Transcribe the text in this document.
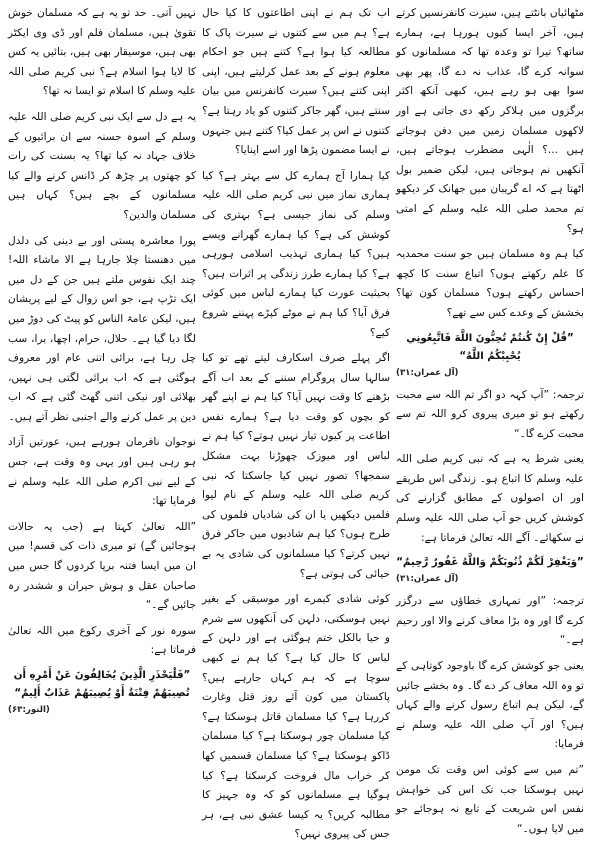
مٹھائیاں بانٹتے ہیں، سیرت کانفرنسیں کرتے ہیں، آخر ایسا کیوں ہورہا ہے، ہمارے ساتھ؟ تیرا تو وعدہ تھا کہ مسلمانوں کو سوانہ کرے گا، عذاب نہ دے گا، پھر بھی سوا بھی ہو رہے ہیں، کبھی آنکھ اکثر برگزوں میں ہلاکر رکھ دی جاتی ہے اور لاکھوں مسلمان زمین میں دفن ہوجاتے ہیں ...؟ الٰہی مضطرب ہوجاتے ہیں، آنکھیں نم ہوجاتی ہیں، لیکن ضمیر بول اٹھتا ہے کہ اے گریبان میں جھانک کر دیکھو تم محمد صلی اللہ علیہ وسلم کے امتی ہو؟
کیا ہم وہ مسلمان ہیں جو سنت محمدیہ کا علم رکھتے ہوں؟ اتباع سنت کا کچھ احساس رکھتے ہوں؟ مسلمان کون تھا؟ بخشش کے وعدے کس سے تھے؟
”قُلْ إِنْ كُنتُمْ تُحِبُّونَ اللَّهَ فَاتَّبِعُونِي يُحْبِبْكُمُ اللَّهُ“
(آل عمران:۳۱)
ترجمہ: ”آپ کہہ دو اگر تم اللہ سے محبت رکھتے ہو تو میری پیروی کرو اللہ تم سے محبت کرے گا۔“
یعنی شرط یہ ہے کہ نبی کریم صلی اللہ علیہ وسلم کا اتباع ہو۔ زندگی اس طریقے اور ان اصولوں کے مطابق گزارنے کی کوشش کریں جو آپ صلی اللہ علیہ وسلم نے سکھائے۔ آگے اللہ تعالیٰ فرماتا ہے:
”وَيَغْفِرْ لَكُمْ ذُنُوبَكُمْ وَاللَّهُ غَفُورٌ رَّحِيمٌ“
(آل عمران:۳۱)
ترجمہ: ”اور تمہاری خطاؤں سے درگزر کرے گا اور وہ بڑا معاف کرنے والا اور رحیم ہے۔“
یعنی جو کوشش کرے گا باوجود کوتاہی کے تو وہ اللہ معاف کر دے گا۔ وہ بخشے جائیں گے، لیکن ہم اتباع رسول کرنے والے کہاں ہیں؟ اور آپ صلی اللہ علیہ وسلم نے فرمایا:
”تم میں سے کوئی اس وقت تک مومن نہیں ہوسکتا جب تک اس کی خواہش نفس اس شریعت کے تابع نہ ہوجائے جو میں لایا ہوں۔“
اب تک ہم نے اپنی اطاعتوں کا کیا حال ہے؟ ہم میں سے کتنوں نے سیرت پاک کا مطالعہ کیا ہوا ہے؟ کتنے ہیں جو احکام معلوم ہونے کے بعد عمل کرلیتے ہیں، اپنی اپنی کتنے ہیں؟ سیرت کانفرنس میں بیان سنتے ہیں، گھر جاکر کتنوں کو یاد رہتا ہے؟ کتنوں نے اس پر عمل کیا؟ کتنے ہیں جنہوں نے ایسا مضمون پڑھا اور اسے اپنایا؟
کیا ہمارا آج ہمارے کل سے بہتر ہے؟ کیا ہماری نماز میں نبی کریم صلی اللہ علیہ وسلم کی نماز جیسی ہے؟ بہتری کی کوشش کی ہے؟ کیا ہمارے گھرانے ویسے ہیں؟ کیا ہماری تہذیب اسلامی ہورہی ہے؟ کیا ہمارے طرز زندگی پر اثرات ہیں؟ بحیثیت عورت کیا ہمارے لباس میں کوئی فرق آیا؟ کیا ہم نے موٹے کپڑے پہننے شروع کیے؟
اگر پہلے صرف اسکارف لیتے تھے تو کیا سالہا سال پروگرام سننے کے بعد اب آگے بڑھنے کا وقت نہیں آیا؟ کیا ہم نے اپنے گھر کو بچوں کو وقت دیا ہے؟ ہمارے نفس اطاعت پر کیوں تیار نہیں ہوتے؟ کیا ہم نے لباس اور میوزک چھوڑنا بہت مشکل سمجھا؟ تصور نہیں کیا جاسکتا کہ نبی کریم صلی اللہ علیہ وسلم کے نام لیوا فلمیں دیکھیں یا ان کی شادیاں فلموں کی طرح ہوں؟ کیا ہم شادیوں میں جاکر فرق نہیں کرتے؟ کیا مسلمانوں کی شادی یہ بے حیائی کی ہوتی ہے؟
کوئی شادی کیمرے اور موسیقی کے بغیر نہیں ہوسکتی، دلہن کی آنکھوں سے شرم و حیا بالکل ختم ہوگئی ہے اور دلہن کے لباس کا حال کیا ہے؟ کیا ہم نے کبھی سوچا ہے کہ ہم کہاں جارہے ہیں؟ پاکستان میں کون آئے روز قتل وغارت کررہا ہے؟ کیا مسلمان قاتل ہوسکتا ہے؟ کیا مسلمان چور ہوسکتا ہے؟ کیا مسلمان ڈاکو ہوسکتا ہے؟ کیا مسلمان قسمیں کھا کر خراب مال فروخت کرسکتا ہے؟ کیا ہوگیا ہے مسلمانوں کو کہ وہ جہیز کا مطالبہ کریں؟ یہ کیسا عشق نبی ہے، ہر جس کی پیروی نہیں؟
نہیں آتی۔ حد تو یہ ہے کہ مسلمان خوش تقویٰ ہیں، مسلمان فلم اور ڈی وی ایکٹر بھی ہیں، موسیقار بھی ہیں، بتائیں یہ کس کا لایا ہوا اسلام ہے؟ نبی کریم صلی اللہ علیہ وسلم کا اسلام تو ایسا نہ تھا؟
یہ ہے دل سے ایک نبی کریم صلی اللہ علیہ وسلم کے اسوہ حسنہ سے ان برائیوں کے خلاف جہاد نہ کیا تھا؟ یہ بسنت کی رات کو چھتوں پر چڑھ کر ڈانس کرنے والے کیا مسلمانوں کے بچے ہیں؟ کہاں ہیں مسلمان والدین؟
پورا معاشرہ پستی اور بے دینی کی دلدل میں دھنستا چلا جارہا ہے الا ماشاء اللہ! چند ایک نفوس ملتے ہیں جن کے دل میں ایک تڑپ ہے، جو اس زوال کے لیے پریشان ہیں، لیکن عامۃ الناس کو پیٹ کی دوڑ میں لگا دیا گیا ہے۔ حلال، حرام، اچھا، برا، سب چل رہا ہے، برائی اتنی عام اور معروف ہوگئی ہے کہ اب برائی لگتی ہی نہیں، بھلائی اور نیکی اتنی گھٹ گئی ہے کہ اب دین پر عمل کرنے والے اجنبی نظر آتے ہیں۔
نوجوان نافرمان ہورہے ہیں، عورتیں آزاد ہو رہی ہیں اور یہی وہ وقت ہے، جس کے لیے نبی اکرم صلی اللہ علیہ وسلم نے فرمایا تھا:
”اللہ تعالیٰ کہتا ہے (جب یہ حالات ہوجائیں گے) تو میری ذات کی قسم! میں ان میں ایسا فتنہ برپا کردوں گا جس میں صاحبان عقل و ہوش حیران و ششدر رہ جائیں گے۔“
سورہ نور کے آخری رکوع میں اللہ تعالیٰ فرماتا ہے:
”فَلْيَحْذَرِ الَّذِينَ يُخَالِفُونَ عَنْ أَمْرِهِ أَن تُصِيبَهُمْ فِتْنَةٌ أَوْ يُصِيبَهُمْ عَذَابٌ أَلِيمٌ“
(النور:۶۳)
